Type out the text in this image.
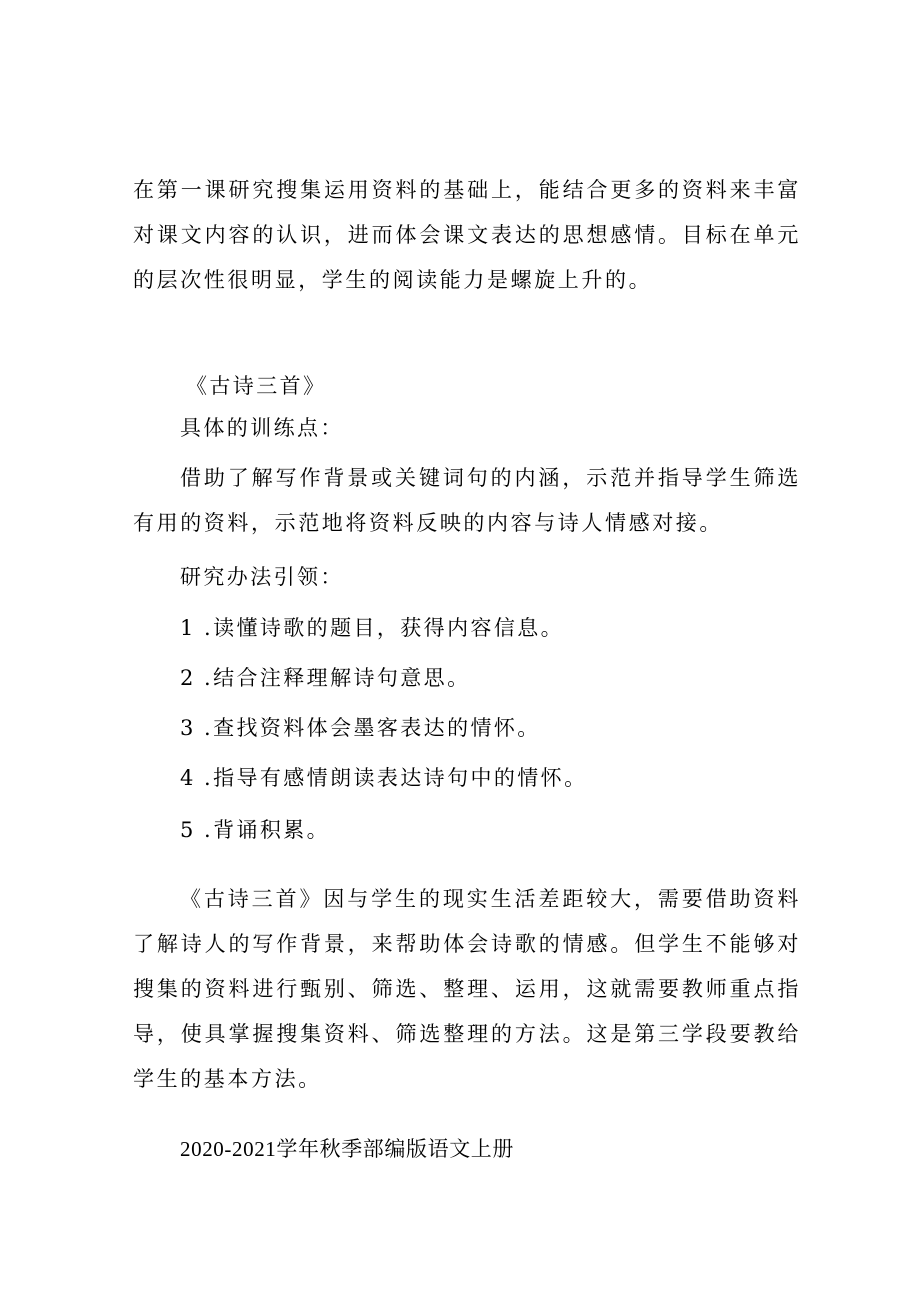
在第一课研究搜集运用资料的基础上，能结合更多的资料来丰富对课文内容的认识，进而体会课文表达的思想感情。目标在单元的层次性很明显，学生的阅读能力是螺旋上升的。

《古诗三首》

具体的训练点：

借助了解写作背景或关键词句的内涵，示范并指导学生筛选有用的资料，示范地将资料反映的内容与诗人情感对接。

研究办法引领：

1 .读懂诗歌的题目，获得内容信息。
2 .结合注释理解诗句意思。
3 .查找资料体会墨客表达的情怀。
4 .指导有感情朗读表达诗句中的情怀。
5 .背诵积累。

《古诗三首》因与学生的现实生活差距较大，需要借助资料了解诗人的写作背景，来帮助体会诗歌的情感。但学生不能够对搜集的资料进行甄别、筛选、整理、运用，这就需要教师重点指导，使具掌握搜集资料、筛选整理的方法。这是第三学段要教给学生的基本方法。

2020-2021学年秋季部编版语文上册
